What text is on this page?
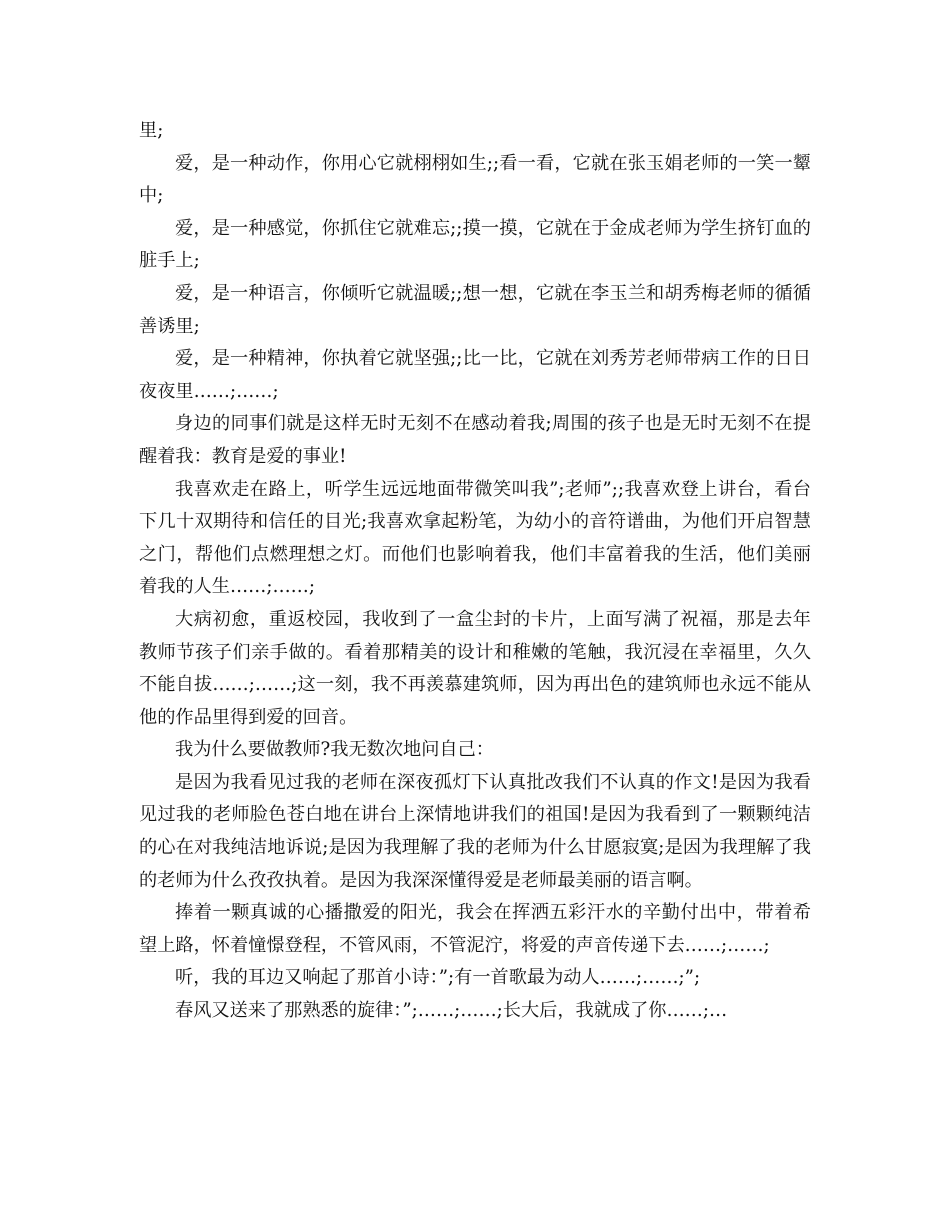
里;

爱，是一种动作，你用心它就栩栩如生;;看一看，它就在张玉娟老师的一笑一颦中;

爱，是一种感觉，你抓住它就难忘;;摸一摸，它就在于金成老师为学生挤钉血的脏手上;

爱，是一种语言，你倾听它就温暖;;想一想，它就在李玉兰和胡秀梅老师的循循善诱里;

爱，是一种精神，你执着它就坚强;;比一比，它就在刘秀芳老师带病工作的日日夜夜里……;……;

身边的同事们就是这样无时无刻不在感动着我;周围的孩子也是无时无刻不在提醒着我：教育是爱的事业!

我喜欢走在路上，听学生远远地面带微笑叫我”;老师”;;我喜欢登上讲台，看台下几十双期待和信任的目光;我喜欢拿起粉笔，为幼小的音符谱曲，为他们开启智慧之门，帮他们点燃理想之灯。而他们也影响着我，他们丰富着我的生活，他们美丽着我的人生……;……;

大病初愈，重返校园，我收到了一盒尘封的卡片，上面写满了祝福，那是去年教师节孩子们亲手做的。看着那精美的设计和稚嫩的笔触，我沉浸在幸福里，久久不能自拔……;……;这一刻，我不再羡慕建筑师，因为再出色的建筑师也永远不能从他的作品里得到爱的回音。

我为什么要做教师?我无数次地问自己：

是因为我看见过我的老师在深夜孤灯下认真批改我们不认真的作文!是因为我看见过我的老师脸色苍白地在讲台上深情地讲我们的祖国!是因为我看到了一颗颗纯洁的心在对我纯洁地诉说;是因为我理解了我的老师为什么甘愿寂寞;是因为我理解了我的老师为什么孜孜执着。是因为我深深懂得爱是老师最美丽的语言啊。

捧着一颗真诚的心播撒爱的阳光，我会在挥洒五彩汗水的辛勤付出中，带着希望上路，怀着憧憬登程，不管风雨，不管泥泞，将爱的声音传递下去……;……;

听，我的耳边又响起了那首小诗：”;有一首歌最为动人……;……;”;

春风又送来了那熟悉的旋律：”;……;……;长大后，我就成了你……;…
